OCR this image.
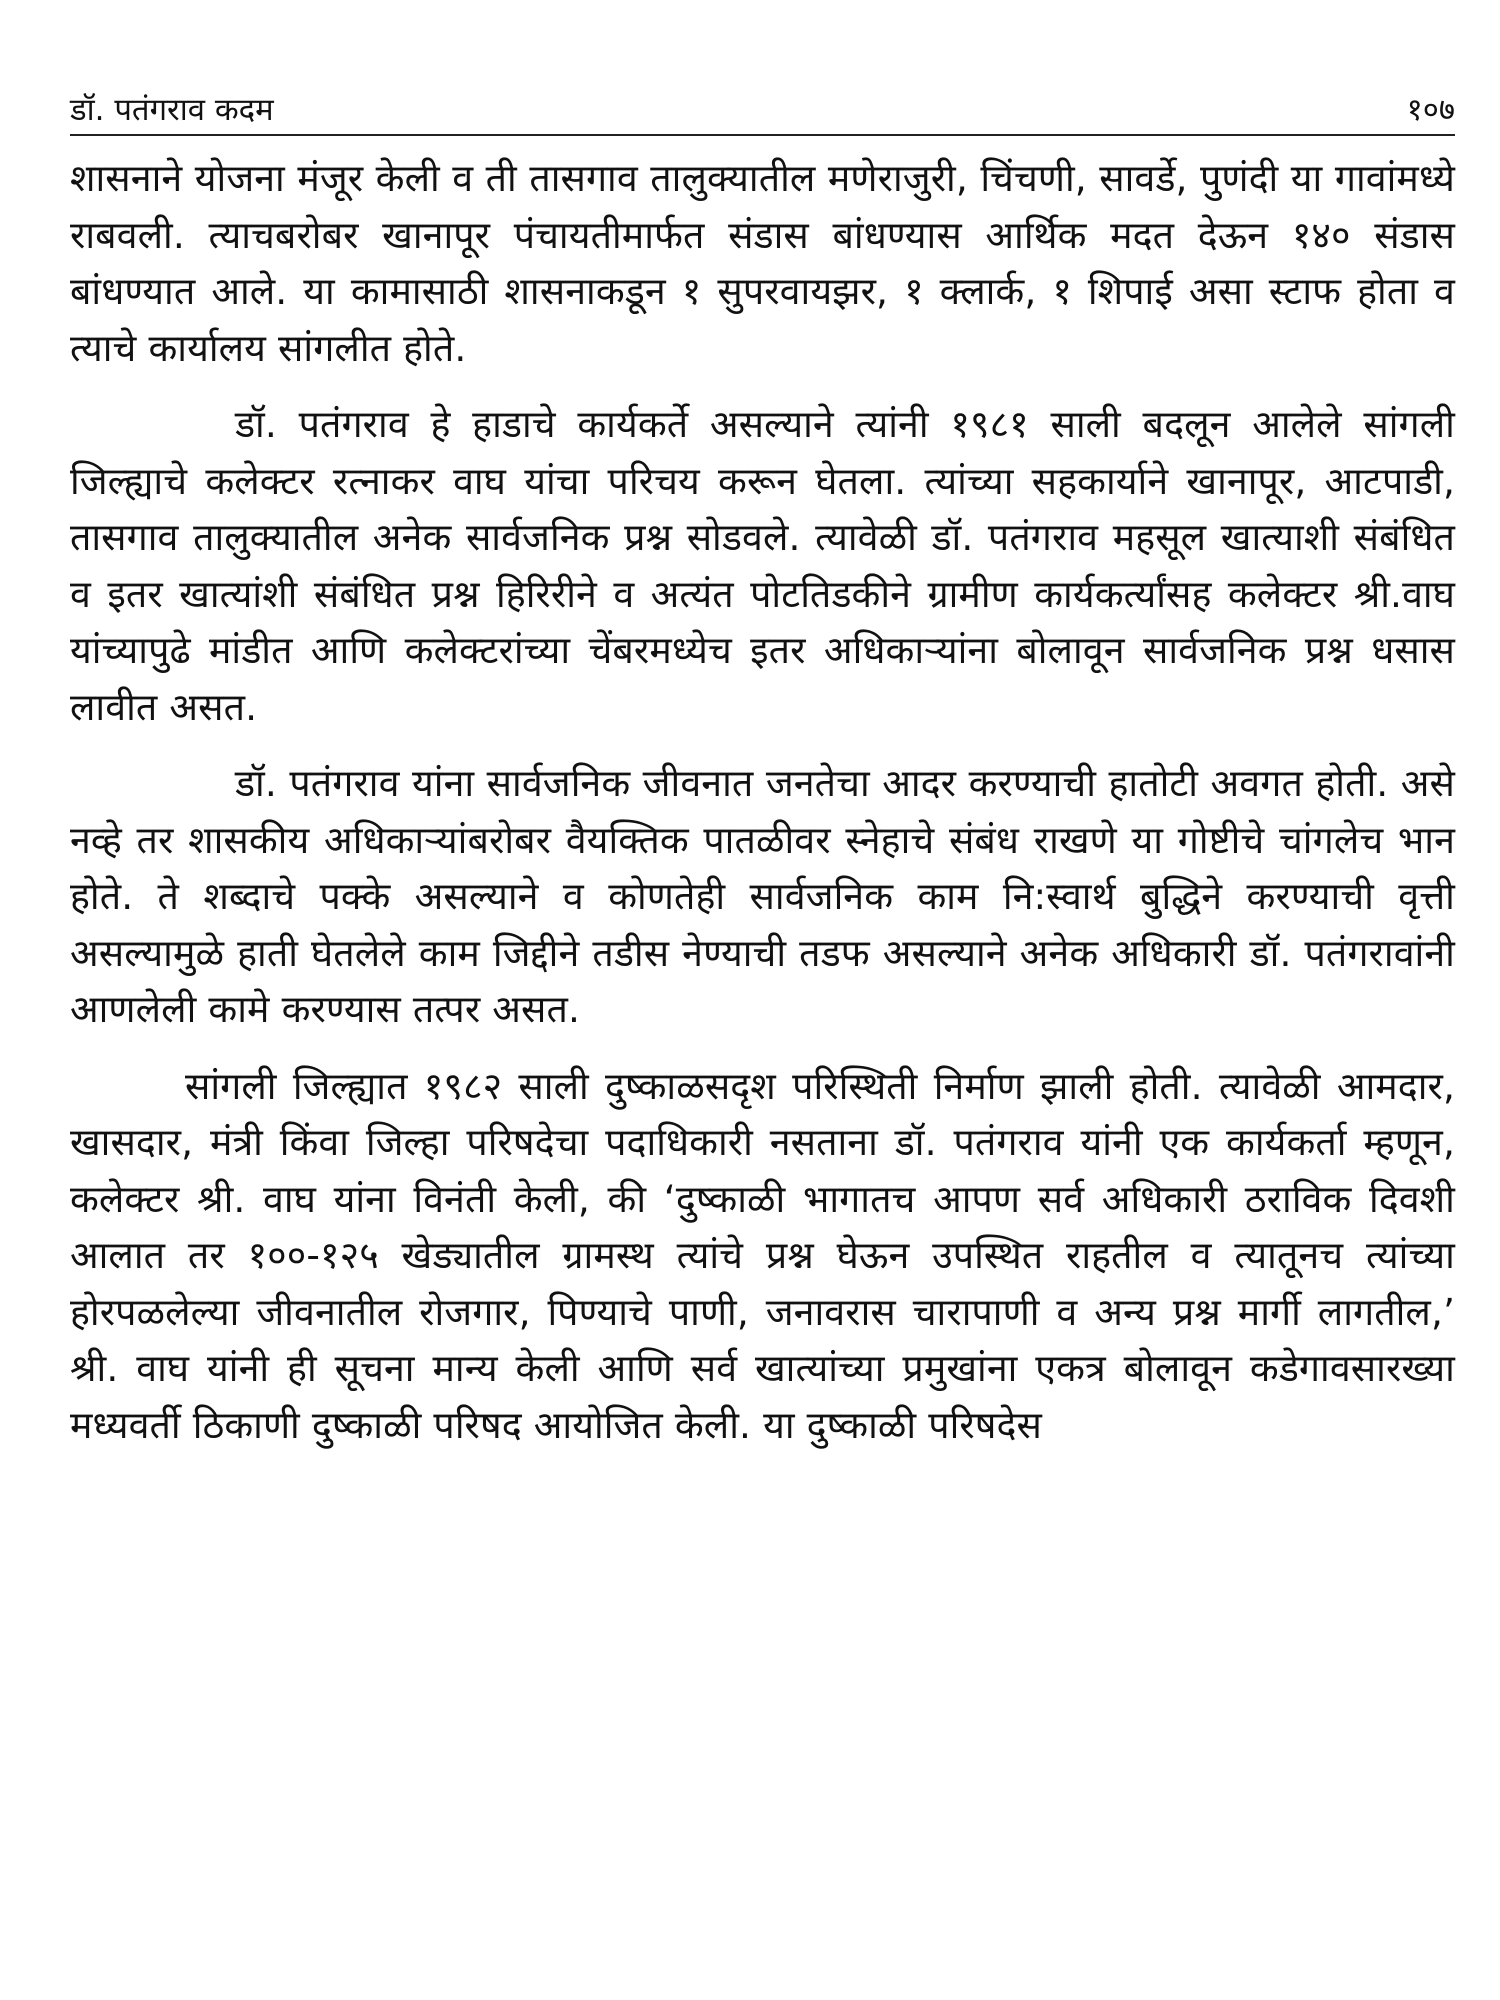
डॉ. पतंगराव कदम	१०७

शासनाने योजना मंजूर केली व ती तासगाव तालुक्यातील मणेराजुरी, चिंचणी, सावर्डे, पुणंदी या गावांमध्ये राबवली. त्याचबरोबर खानापूर पंचायतीमार्फत संडास बांधण्यास आर्थिक मदत देऊन १४० संडास बांधण्यात आले. या कामासाठी शासनाकडून १ सुपरवायझर, १ क्लार्क, १ शिपाई असा स्टाफ होता व त्याचे कार्यालय सांगलीत होते.

डॉ. पतंगराव हे हाडाचे कार्यकर्ते असल्याने त्यांनी १९८१ साली बदलून आलेले सांगली जिल्ह्याचे कलेक्टर रत्नाकर वाघ यांचा परिचय करून घेतला. त्यांच्या सहकार्याने खानापूर, आटपाडी, तासगाव तालुक्यातील अनेक सार्वजनिक प्रश्न सोडवले. त्यावेळी डॉ. पतंगराव महसूल खात्याशी संबंधित व इतर खात्यांशी संबंधित प्रश्न हिरिरीने व अत्यंत पोटतिडकीने ग्रामीण कार्यकर्त्यांसह कलेक्टर श्री.वाघ यांच्यापुढे मांडीत आणि कलेक्टरांच्या चेंबरमध्येच इतर अधिकाऱ्यांना बोलावून सार्वजनिक प्रश्न धसास लावीत असत.

डॉ. पतंगराव यांना सार्वजनिक जीवनात जनतेचा आदर करण्याची हातोटी अवगत होती. असे नव्हे तर शासकीय अधिकाऱ्यांबरोबर वैयक्तिक पातळीवर स्नेहाचे संबंध राखणे या गोष्टीचे चांगलेच भान होते. ते शब्दाचे पक्के असल्याने व कोणतेही सार्वजनिक काम नि:स्वार्थ बुद्धिने करण्याची वृत्ती असल्यामुळे हाती घेतलेले काम जिद्दीने तडीस नेण्याची तडफ असल्याने अनेक अधिकारी डॉ. पतंगरावांनी आणलेली कामे करण्यास तत्पर असत.

सांगली जिल्ह्यात १९८२ साली दुष्काळसदृश परिस्थिती निर्माण झाली होती. त्यावेळी आमदार, खासदार, मंत्री किंवा जिल्हा परिषदेचा पदाधिकारी नसताना डॉ. पतंगराव यांनी एक कार्यकर्ता म्हणून, कलेक्टर श्री. वाघ यांना विनंती केली, की ‘दुष्काळी भागातच आपण सर्व अधिकारी ठराविक दिवशी आलात तर १००-१२५ खेड्यातील ग्रामस्थ त्यांचे प्रश्न घेऊन उपस्थित राहतील व त्यातूनच त्यांच्या होरपळलेल्या जीवनातील रोजगार, पिण्याचे पाणी, जनावरास चारापाणी व अन्य प्रश्न मार्गी लागतील,’ श्री. वाघ यांनी ही सूचना मान्य केली आणि सर्व खात्यांच्या प्रमुखांना एकत्र बोलावून कडेगावसारख्या मध्यवर्ती ठिकाणी दुष्काळी परिषद आयोजित केली. या दुष्काळी परिषदेस
